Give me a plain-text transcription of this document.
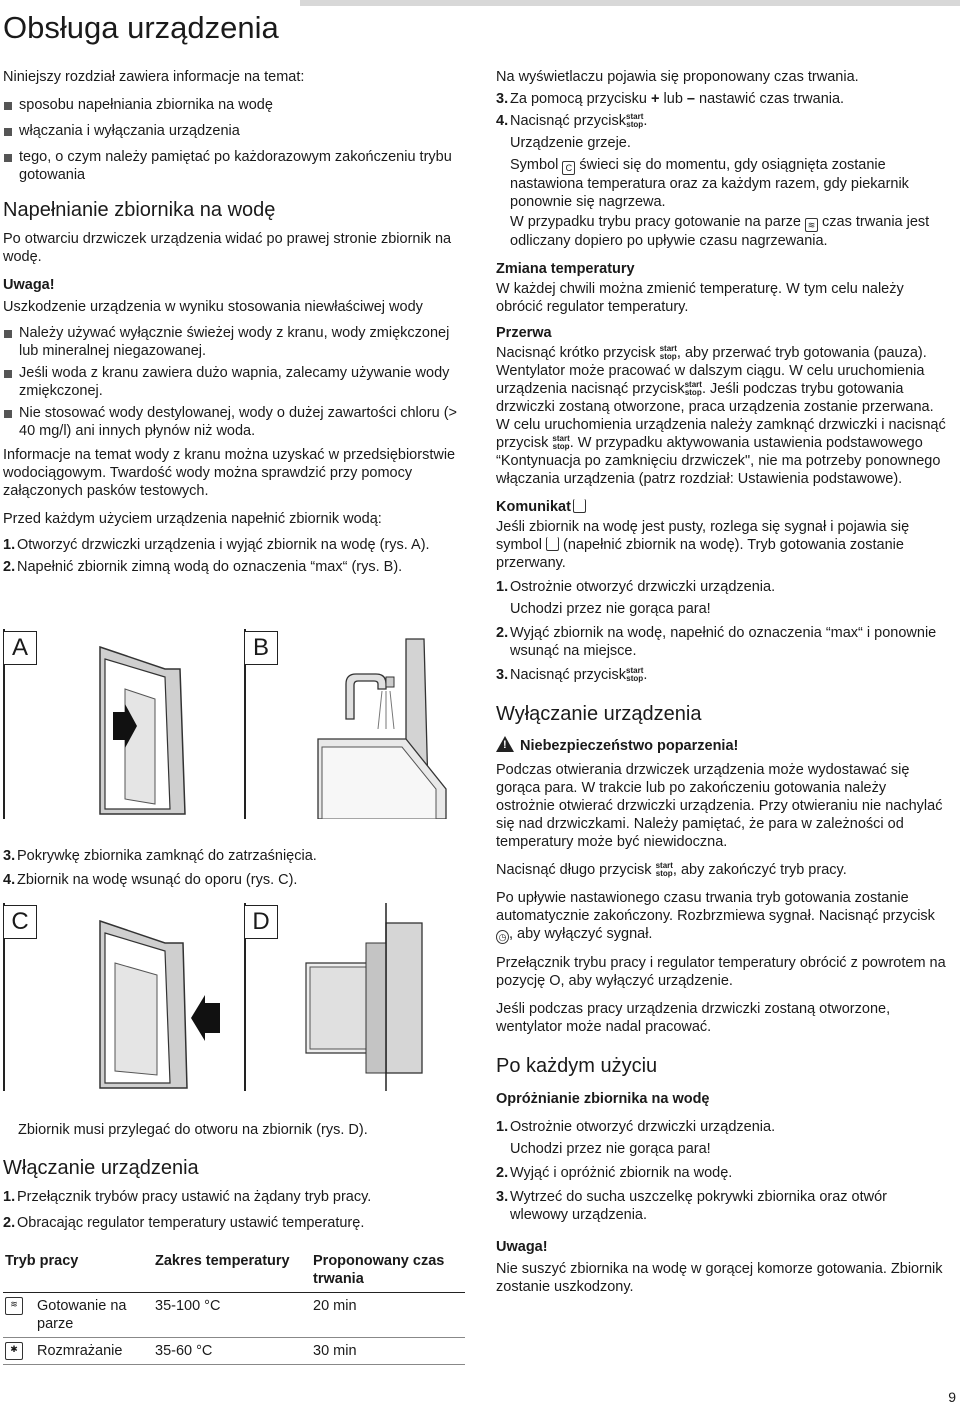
Obsługa urządzenia

Niniejszy rozdział zawiera informacje na temat:

sposobu napełniania zbiornika na wodę
włączania i wyłączania urządzenia
tego, o czym należy pamiętać po każdorazowym zakończeniu trybu gotowania
Napełnianie zbiornika na wodę

Po otwarciu drzwiczek urządzenia widać po prawej stronie zbiornik na wodę.

Uwaga!

Uszkodzenie urządzenia w wyniku stosowania niewłaściwej wody

Należy używać wyłącznie świeżej wody z kranu, wody zmiękczonej lub mineralnej niegazowanej.
Jeśli woda z kranu zawiera dużo wapnia, zalecamy używanie wody zmiękczonej.
Nie stosować wody destylowanej, wody o dużej zawartości chloru (> 40 mg/l) ani innych płynów niż woda.

Informacje na temat wody z kranu można uzyskać w przedsiębiorstwie wodociągowym. Twardość wody można sprawdzić przy pomocy załączonych pasków testowych.

Przed każdym użyciem urządzenia napełnić zbiornik wodą:

1. Otworzyć drzwiczki urządzenia i wyjąć zbiornik na wodę (rys. A).
2. Napełnić zbiornik zimną wodą do oznaczenia “max“ (rys. B).
A	B
3. Pokrywkę zbiornika zamknąć do zatrzaśnięcia.
4. Zbiornik na wodę wsunąć do oporu (rys. C).
C	D

Zbiornik musi przylegać do otworu na zbiornik (rys. D).

Włączanie urządzenia
1. Przełącznik trybów pracy ustawić na żądany tryb pracy.
2. Obracając regulator temperatury ustawić temperaturę.
Tryb pracy	Zakres temperatury	Proponowany czas trwania

≋ Gotowanie na parze	35-100 °C	20 min

✱ Rozmrażanie	35-60 °C	30 min

Na wyświetlaczu pojawia się proponowany czas trwania.

3. Za pomocą przycisku + lub – nastawić czas trwania.
4. Nacisnąć przyciskstart
stop.
Urządzenie grzeje.
Symbol C świeci się do momentu, gdy osiągnięta zostanie nastawiona temperatura oraz za każdym razem, gdy piekarnik ponownie się nagrzewa.
W przypadku trybu pracy gotowanie na parze ≋ czas trwania jest odliczany dopiero po upływie czasu nagrzewania.
Zmiana temperatury

W każdej chwili można zmienić temperaturę. W tym celu należy obrócić regulator temperatury.

Przerwa

Nacisnąć krótko przycisk start
stop, aby przerwać tryb gotowania (pauza). Wentylator może pracować w dalszym ciągu. W celu uruchomienia urządzenia nacisnąć przyciskstart
stop. Jeśli podczas trybu gotowania drzwiczki zostaną otworzone, praca urządzenia zostanie przerwana. W celu uruchomienia urządzenia należy zamknąć drzwiczki i nacisnąć przycisk start
stop. W przypadku aktywowania ustawienia podstawowego “Kontynuacja po zamknięciu drzwiczek", nie ma potrzeby ponownego włączania urządzenia (patrz rozdział: Ustawienia podstawowe).

Komunikat

Jeśli zbiornik na wodę jest pusty, rozlega się sygnał i pojawia się symbol (napełnić zbiornik na wodę). Tryb gotowania zostanie przerwany.

1. Ostrożnie otworzyć drzwiczki urządzenia.
Uchodzi przez nie gorąca para!
2. Wyjąć zbiornik na wodę, napełnić do oznaczenia “max“ i ponownie wsunąć na miejsce.
3. Nacisnąć przyciskstart
stop.
Wyłączanie urządzenia
!Niebezpieczeństwo poparzenia!

Podczas otwierania drzwiczek urządzenia może wydostawać się gorąca para. W trakcie lub po zakończeniu gotowania należy ostrożnie otwierać drzwiczki urządzenia. Przy otwieraniu nie nachylać się nad drzwiczkami. Należy pamiętać, że para w zależności od temperatury może być niewidoczna.

Nacisnąć długo przycisk start
stop, aby zakończyć tryb pracy.

Po upływie nastawionego czasu trwania tryb gotowania zostanie automatycznie zakończony. Rozbrzmiewa sygnał. Nacisnąć przycisk ◷ , aby wyłączyć sygnał.

Przełącznik trybu pracy i regulator temperatury obrócić z powrotem na pozycję O, aby wyłączyć urządzenie.

Jeśli podczas pracy urządzenia drzwiczki zostaną otworzone, wentylator może nadal pracować.

Po każdym użyciu
Opróżnianie zbiornika na wodę
1. Ostrożnie otworzyć drzwiczki urządzenia.
Uchodzi przez nie gorąca para!
2. Wyjąć i opróżnić zbiornik na wodę.
3. Wytrzeć do sucha uszczelkę pokrywki zbiornika oraz otwór wlewowy urządzenia.
Uwaga!

Nie suszyć zbiornika na wodę w gorącej komorze gotowania. Zbiornik zostanie uszkodzony.

9
